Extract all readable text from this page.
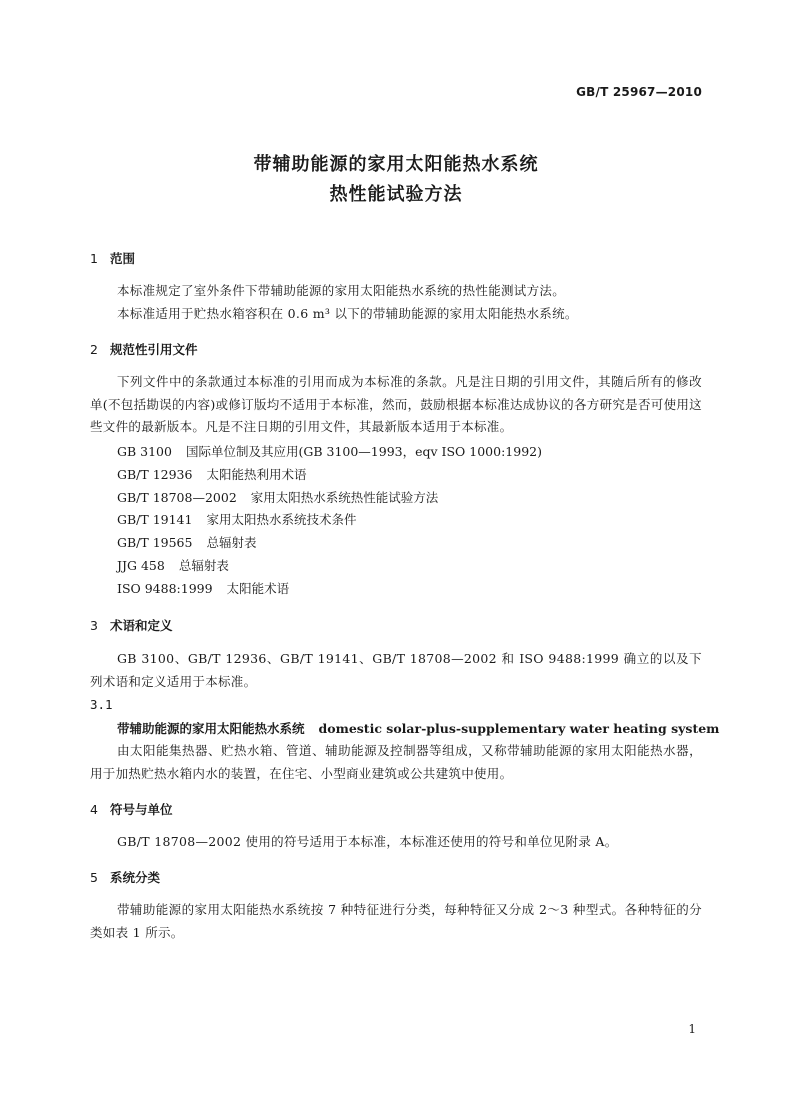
GB/T 25967—2010
带辅助能源的家用太阳能热水系统
热性能试验方法
1 范围
本标准规定了室外条件下带辅助能源的家用太阳能热水系统的热性能测试方法。
本标准适用于贮热水箱容积在 0.6 m³ 以下的带辅助能源的家用太阳能热水系统。
2 规范性引用文件
下列文件中的条款通过本标准的引用而成为本标准的条款。凡是注日期的引用文件，其随后所有的修改单(不包括勘误的内容)或修订版均不适用于本标准，然而，鼓励根据本标准达成协议的各方研究是否可使用这些文件的最新版本。凡是不注日期的引用文件，其最新版本适用于本标准。
GB 3100 国际单位制及其应用(GB 3100—1993，eqv ISO 1000:1992)
GB/T 12936 太阳能热利用术语
GB/T 18708—2002 家用太阳热水系统热性能试验方法
GB/T 19141 家用太阳热水系统技术条件
GB/T 19565 总辐射表
JJG 458 总辐射表
ISO 9488:1999 太阳能术语
3 术语和定义
GB 3100、GB/T 12936、GB/T 19141、GB/T 18708—2002 和 ISO 9488:1999 确立的以及下列术语和定义适用于本标准。
3.1
带辅助能源的家用太阳能热水系统 domestic solar-plus-supplementary water heating system
由太阳能集热器、贮热水箱、管道、辅助能源及控制器等组成，又称带辅助能源的家用太阳能热水器，用于加热贮热水箱内水的装置，在住宅、小型商业建筑或公共建筑中使用。
4 符号与单位
GB/T 18708—2002 使用的符号适用于本标准，本标准还使用的符号和单位见附录 A。
5 系统分类
带辅助能源的家用太阳能热水系统按 7 种特征进行分类，每种特征又分成 2～3 种型式。各种特征的分类如表 1 所示。
1
